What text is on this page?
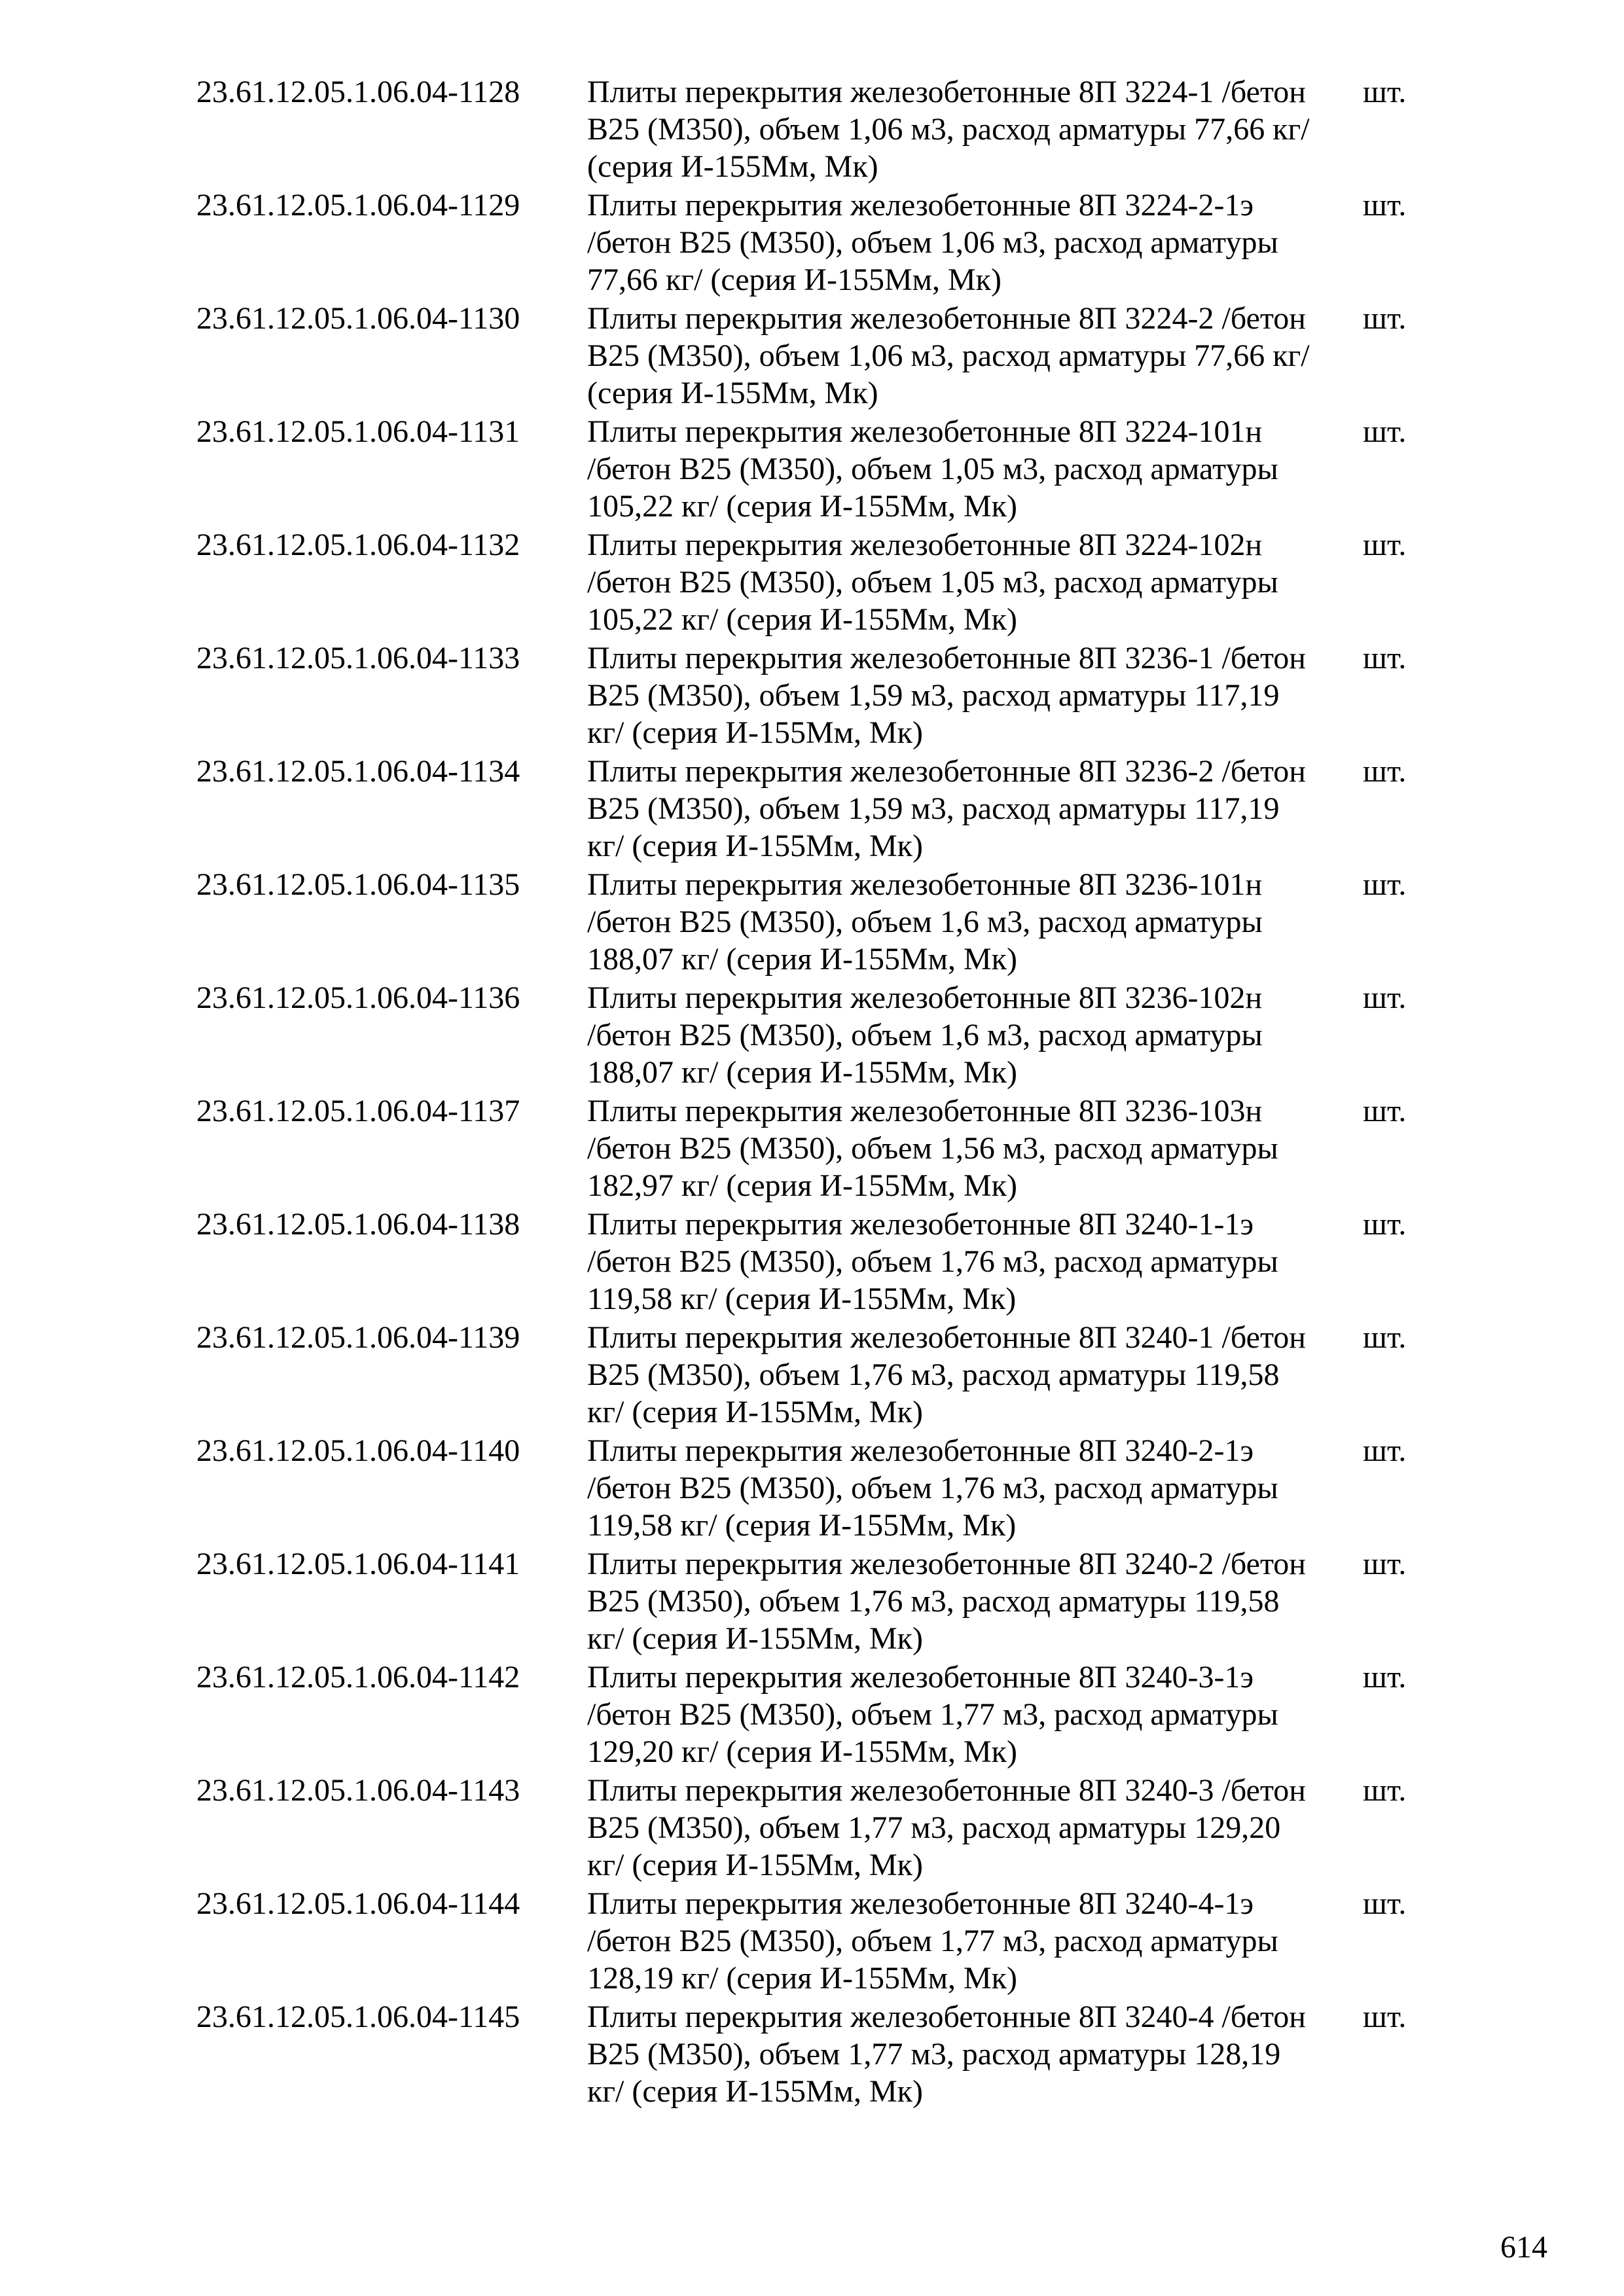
23.61.12.05.1.06.04-1128 Плиты перекрытия железобетонные 8П 3224-1 /бетон
В25 (М350), объем 1,06 м3, расход арматуры 77,66 кг/
(серия И-155Мм, Мк)
шт.
23.61.12.05.1.06.04-1129 Плиты перекрытия железобетонные 8П 3224-2-1э
/бетон В25 (М350), объем 1,06 м3, расход арматуры
77,66 кг/ (серия И-155Мм, Мк)
шт.
23.61.12.05.1.06.04-1130 Плиты перекрытия железобетонные 8П 3224-2 /бетон
В25 (М350), объем 1,06 м3, расход арматуры 77,66 кг/
(серия И-155Мм, Мк)
шт.
23.61.12.05.1.06.04-1131 Плиты перекрытия железобетонные 8П 3224-101н
/бетон В25 (М350), объем 1,05 м3, расход арматуры
105,22 кг/ (серия И-155Мм, Мк)
шт.
23.61.12.05.1.06.04-1132 Плиты перекрытия железобетонные 8П 3224-102н
/бетон В25 (М350), объем 1,05 м3, расход арматуры
105,22 кг/ (серия И-155Мм, Мк)
шт.
23.61.12.05.1.06.04-1133 Плиты перекрытия железобетонные 8П 3236-1 /бетон
В25 (М350), объем 1,59 м3, расход арматуры 117,19
кг/ (серия И-155Мм, Мк)
шт.
23.61.12.05.1.06.04-1134 Плиты перекрытия железобетонные 8П 3236-2 /бетон
В25 (М350), объем 1,59 м3, расход арматуры 117,19
кг/ (серия И-155Мм, Мк)
шт.
23.61.12.05.1.06.04-1135 Плиты перекрытия железобетонные 8П 3236-101н
/бетон В25 (М350), объем 1,6 м3, расход арматуры
188,07 кг/ (серия И-155Мм, Мк)
шт.
23.61.12.05.1.06.04-1136 Плиты перекрытия железобетонные 8П 3236-102н
/бетон В25 (М350), объем 1,6 м3, расход арматуры
188,07 кг/ (серия И-155Мм, Мк)
шт.
23.61.12.05.1.06.04-1137 Плиты перекрытия железобетонные 8П 3236-103н
/бетон В25 (М350), объем 1,56 м3, расход арматуры
182,97 кг/ (серия И-155Мм, Мк)
шт.
23.61.12.05.1.06.04-1138 Плиты перекрытия железобетонные 8П 3240-1-1э
/бетон В25 (М350), объем 1,76 м3, расход арматуры
119,58 кг/ (серия И-155Мм, Мк)
шт.
23.61.12.05.1.06.04-1139 Плиты перекрытия железобетонные 8П 3240-1 /бетон
В25 (М350), объем 1,76 м3, расход арматуры 119,58
кг/ (серия И-155Мм, Мк)
шт.
23.61.12.05.1.06.04-1140 Плиты перекрытия железобетонные 8П 3240-2-1э
/бетон В25 (М350), объем 1,76 м3, расход арматуры
119,58 кг/ (серия И-155Мм, Мк)
шт.
23.61.12.05.1.06.04-1141 Плиты перекрытия железобетонные 8П 3240-2 /бетон
В25 (М350), объем 1,76 м3, расход арматуры 119,58
кг/ (серия И-155Мм, Мк)
шт.
23.61.12.05.1.06.04-1142 Плиты перекрытия железобетонные 8П 3240-3-1э
/бетон В25 (М350), объем 1,77 м3, расход арматуры
129,20 кг/ (серия И-155Мм, Мк)
шт.
23.61.12.05.1.06.04-1143 Плиты перекрытия железобетонные 8П 3240-3 /бетон
В25 (М350), объем 1,77 м3, расход арматуры 129,20
кг/ (серия И-155Мм, Мк)
шт.
23.61.12.05.1.06.04-1144 Плиты перекрытия железобетонные 8П 3240-4-1э
/бетон В25 (М350), объем 1,77 м3, расход арматуры
128,19 кг/ (серия И-155Мм, Мк)
шт.
23.61.12.05.1.06.04-1145 Плиты перекрытия железобетонные 8П 3240-4 /бетон
В25 (М350), объем 1,77 м3, расход арматуры 128,19
кг/ (серия И-155Мм, Мк)
шт.
614
